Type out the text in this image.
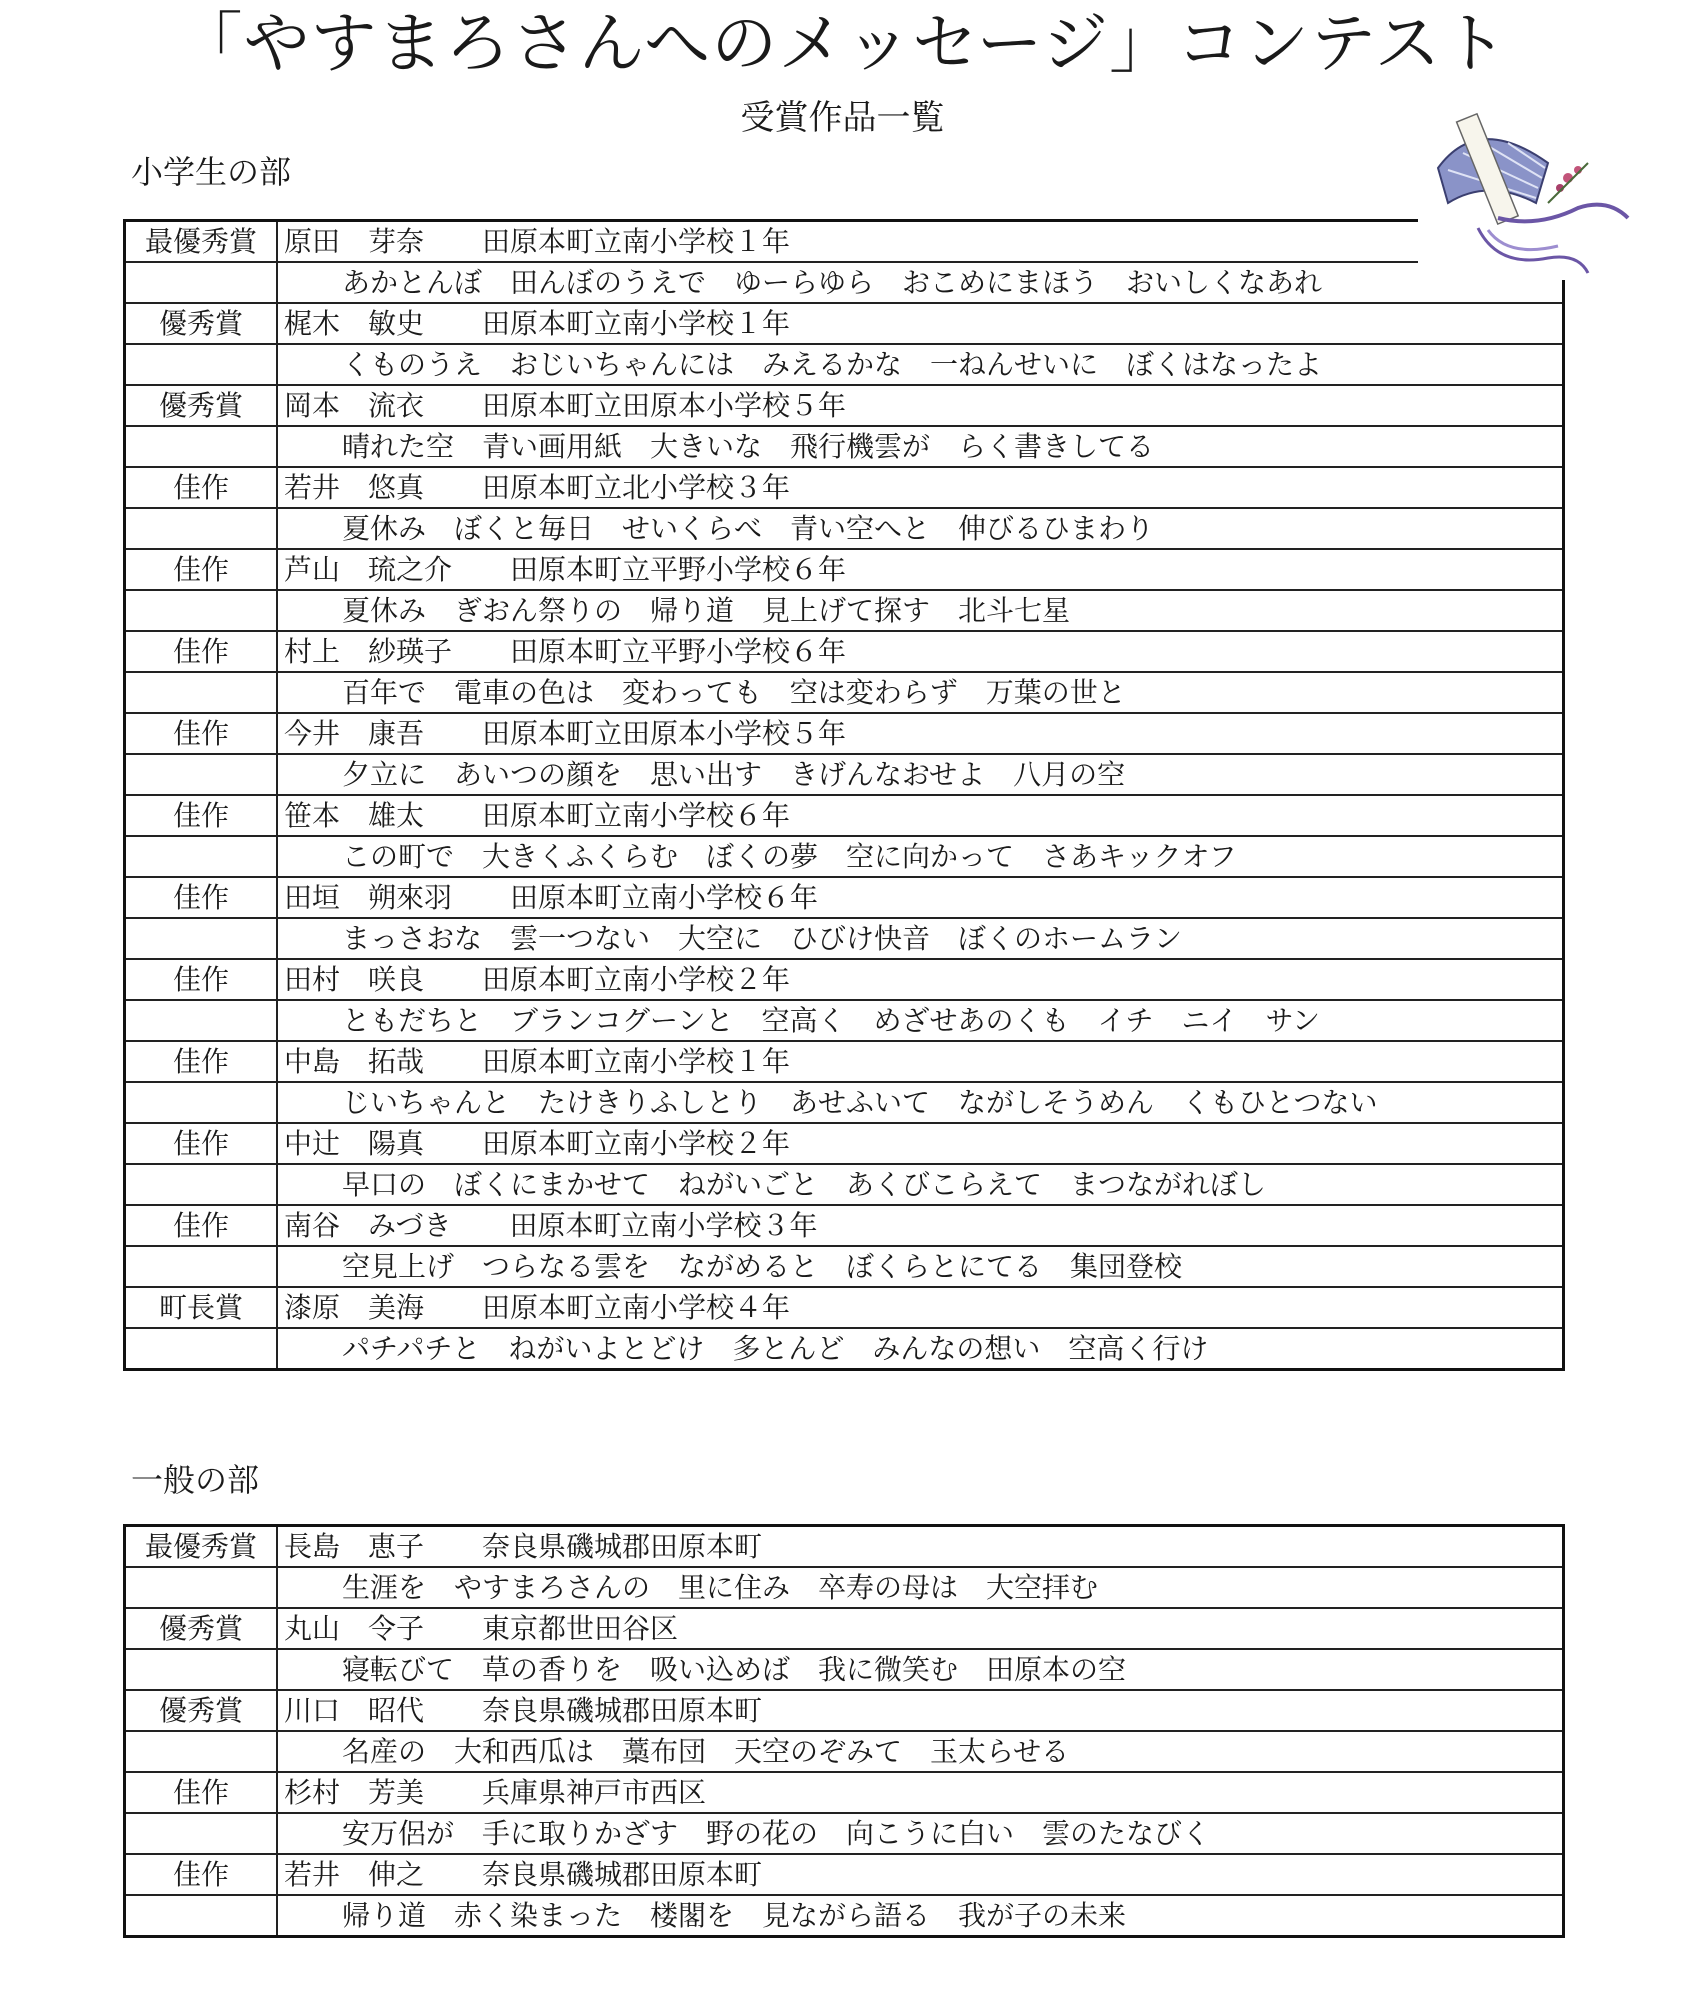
「やすまろさんへのメッセージ」コンテスト
受賞作品一覧
小学生の部
最優秀賞	原田　芽奈 田原本町立南小学校１年
	あかとんぼ　田んぼのうえで　ゆーらゆら　おこめにまほう　おいしくなあれ
優秀賞	梶木　敏史 田原本町立南小学校１年
	くものうえ　おじいちゃんには　みえるかな　一ねんせいに　ぼくはなったよ
優秀賞	岡本　流衣 田原本町立田原本小学校５年
	晴れた空　青い画用紙　大きいな　飛行機雲が　らく書きしてる
佳作	若井　悠真 田原本町立北小学校３年
	夏休み　ぼくと毎日　せいくらべ　青い空へと　伸びるひまわり
佳作	芦山　琉之介 田原本町立平野小学校６年
	夏休み　ぎおん祭りの　帰り道　見上げて探す　北斗七星
佳作	村上　紗瑛子 田原本町立平野小学校６年
	百年で　電車の色は　変わっても　空は変わらず　万葉の世と
佳作	今井　康吾 田原本町立田原本小学校５年
	夕立に　あいつの顔を　思い出す　きげんなおせよ　八月の空
佳作	笹本　雄太 田原本町立南小学校６年
	この町で　大きくふくらむ　ぼくの夢　空に向かって　さあキックオフ
佳作	田垣　朔來羽 田原本町立南小学校６年
	まっさおな　雲一つない　大空に　ひびけ快音　ぼくのホームラン
佳作	田村　咲良 田原本町立南小学校２年
	ともだちと　ブランコグーンと　空高く　めざせあのくも　イチ　ニイ　サン
佳作	中島　拓哉 田原本町立南小学校１年
	じいちゃんと　たけきりふしとり　あせふいて　ながしそうめん　くもひとつない
佳作	中辻　陽真 田原本町立南小学校２年
	早口の　ぼくにまかせて　ねがいごと　あくびこらえて　まつながれぼし
佳作	南谷　みづき 田原本町立南小学校３年
	空見上げ　つらなる雲を　ながめると　ぼくらとにてる　集団登校
町長賞	漆原　美海 田原本町立南小学校４年
	パチパチと　ねがいよとどけ　多とんど　みんなの想い　空高く行け
一般の部
最優秀賞	長島　恵子 奈良県磯城郡田原本町
	生涯を　やすまろさんの　里に住み　卒寿の母は　大空拝む
優秀賞	丸山　令子 東京都世田谷区
	寝転びて　草の香りを　吸い込めば　我に微笑む　田原本の空
優秀賞	川口　昭代 奈良県磯城郡田原本町
	名産の　大和西瓜は　藁布団　天空のぞみて　玉太らせる
佳作	杉村　芳美 兵庫県神戸市西区
	安万侶が　手に取りかざす　野の花の　向こうに白い　雲のたなびく
佳作	若井　伸之 奈良県磯城郡田原本町
	帰り道　赤く染まった　楼閣を　見ながら語る　我が子の未来
